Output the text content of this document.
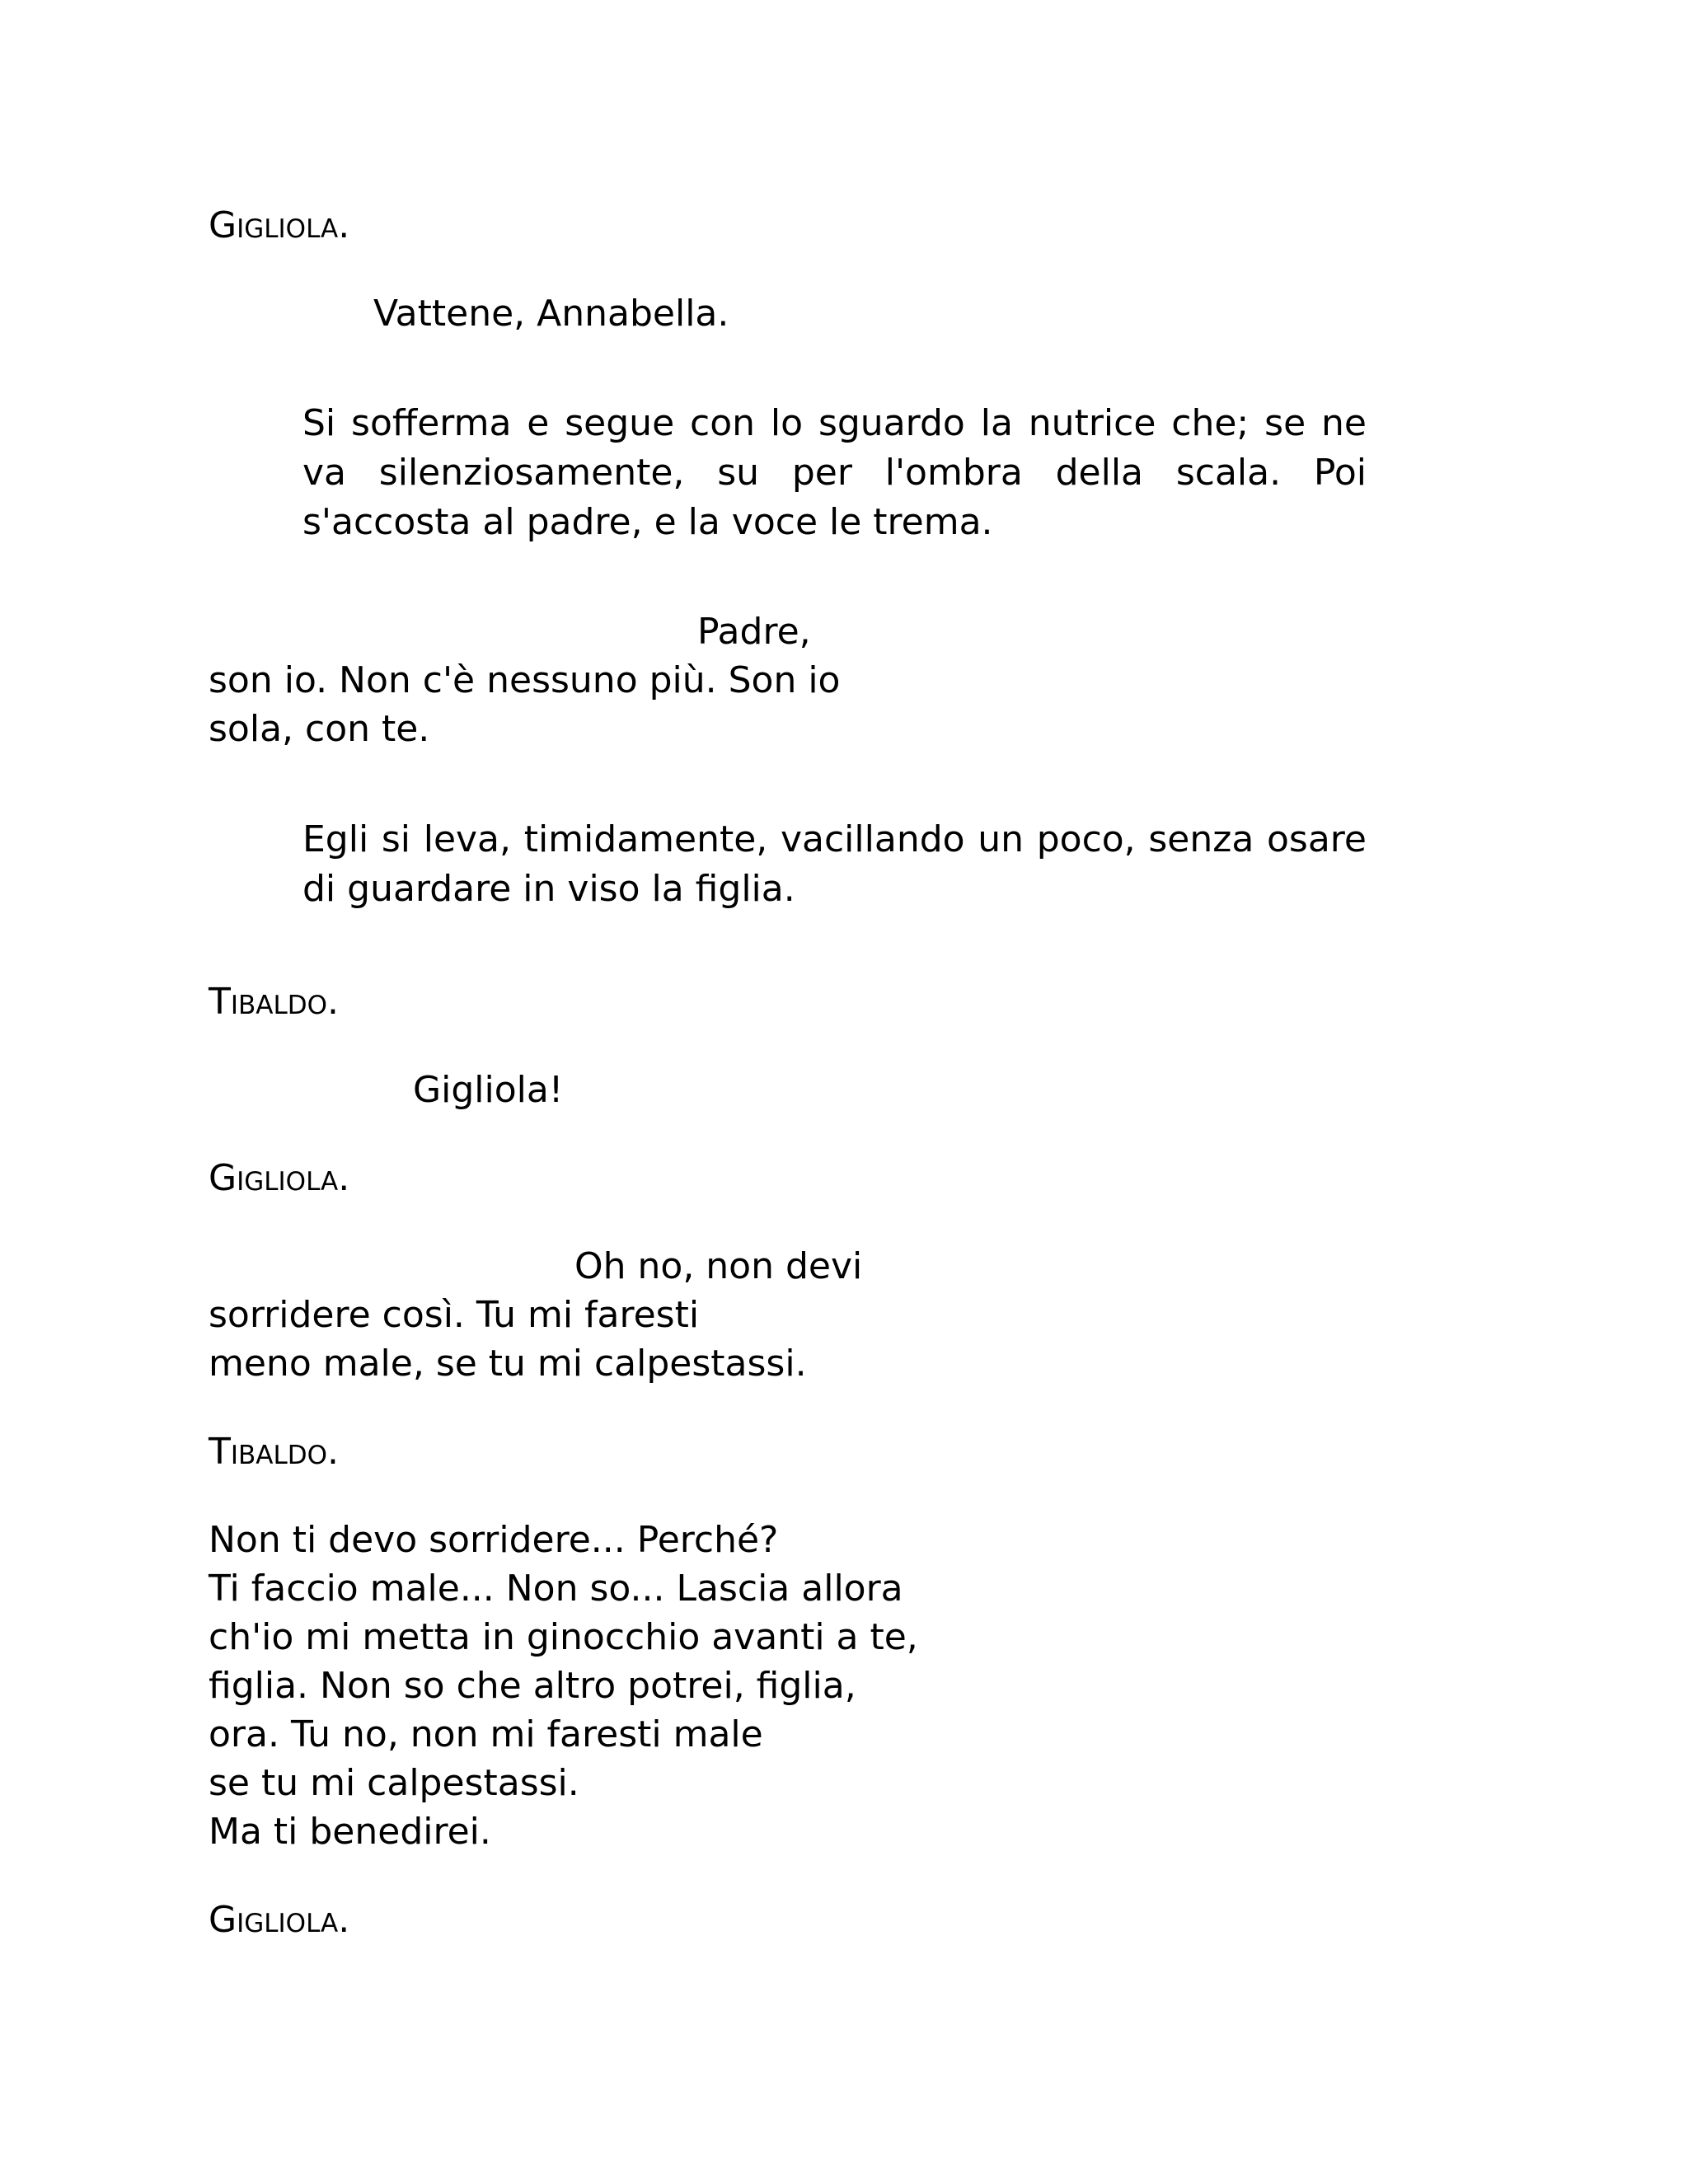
Gigliola.
Vattene, Annabella.

Si sofferma e segue con lo sguardo la nutrice che; se ne va silenziosamente, su per l'ombra della scala. Poi s'accosta al padre, e la voce le trema.

Padre,
son io. Non c'è nessuno più. Son io
sola, con te.

Egli si leva, timidamente, vacillando un poco, senza osare di guardare in viso la figlia.

Tibaldo.
Gigliola!
Gigliola.
Oh no, non devi
sorridere così. Tu mi faresti
meno male, se tu mi calpestassi.
Tibaldo.
Non ti devo sorridere... Perché?
Ti faccio male... Non so... Lascia allora
ch'io mi metta in ginocchio avanti a te,
figlia. Non so che altro potrei, figlia,
ora. Tu no, non mi faresti male
se tu mi calpestassi.
Ma ti benedirei.
Gigliola.
